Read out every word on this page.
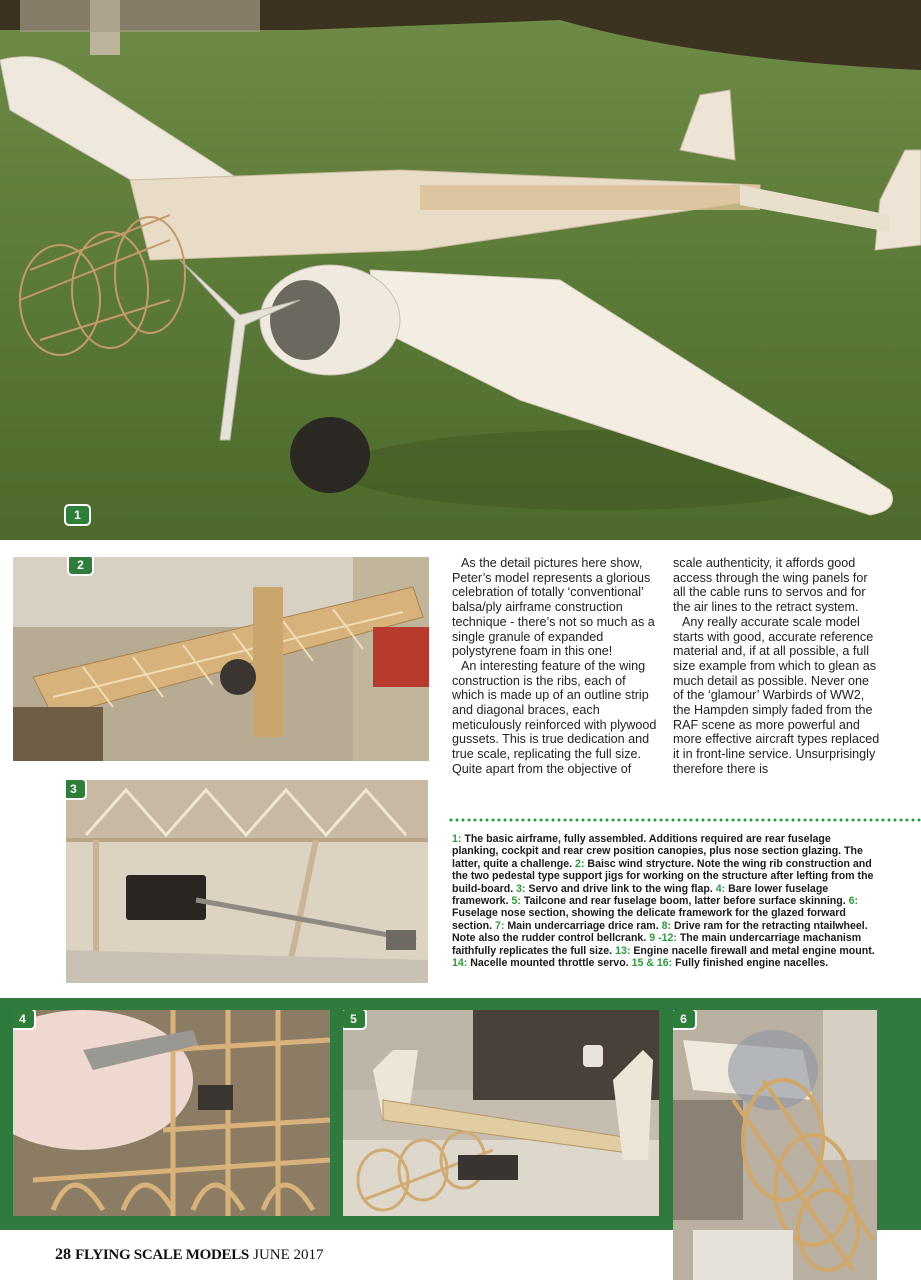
1
2
3

As the detail pictures here show, Peter’s model represents a glorious celebration of totally ‘conventional’ balsa/ply airframe construction technique - there’s not so much as a single granule of expanded polystyrene foam in this one!

An interesting feature of the wing construction is the ribs, each of which is made up of an outline strip and diagonal braces, each meticulously reinforced with plywood gussets. This is true dedication and true scale, replicating the full size. Quite apart from the objective of

scale authenticity, it affords good access through the wing panels for all the cable runs to servos and for the air lines to the retract system.

Any really accurate scale model starts with good, accurate reference material and, if at all possible, a full size example from which to glean as much detail as possible. Never one of the ‘glamour’ Warbirds of WW2, the Hampden simply faded from the RAF scene as more powerful and more effective aircraft types replaced it in front-line service. Unsurprisingly therefore there is

1: The basic airframe, fully assembled. Additions required are rear fuselage planking, cockpit and rear crew position canopies, plus nose section glazing. The latter, quite a challenge. 2: Baisc wind strycture. Note the wing rib construction and the two pedestal type support jigs for working on the structure after lefting from the build-board. 3: Servo and drive link to the wing flap. 4: Bare lower fuselage framework. 5: Tailcone and rear fuselage boom, latter before surface skinning. 6: Fuselage nose section, showing the delicate framework for the glazed forward section. 7: Main undercarriage drice ram. 8: Drive ram for the retracting ntailwheel. Note also the rudder control bellcrank. 9 -12: The main undercarriage machanism faithfully replicates the full size. 13: Engine nacelle firewall and metal engine mount. 14: Nacelle mounted throttle servo. 15 & 16: Fully finished engine nacelles.
4	5	6
28 FLYING SCALE MODELS JUNE 2017
